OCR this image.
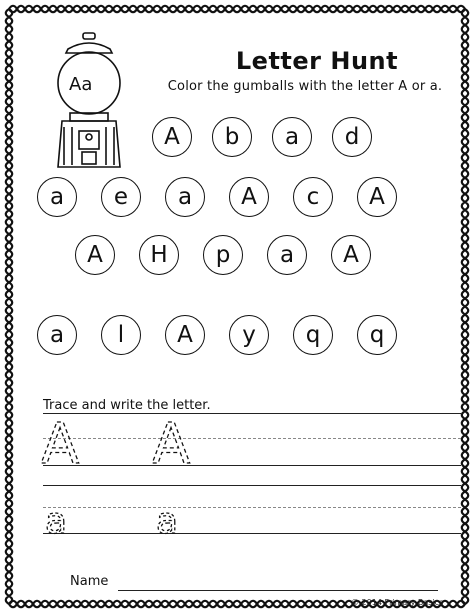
Aa
Letter Hunt
Color the gumballs with the letter A or a.
A	b	a	d
a	e	a	A	c	A
A	H	p	a	A
a	l	A	y	q	q
Trace and write the letter.
A A
a a
Name
© 2014 Primary Basics
